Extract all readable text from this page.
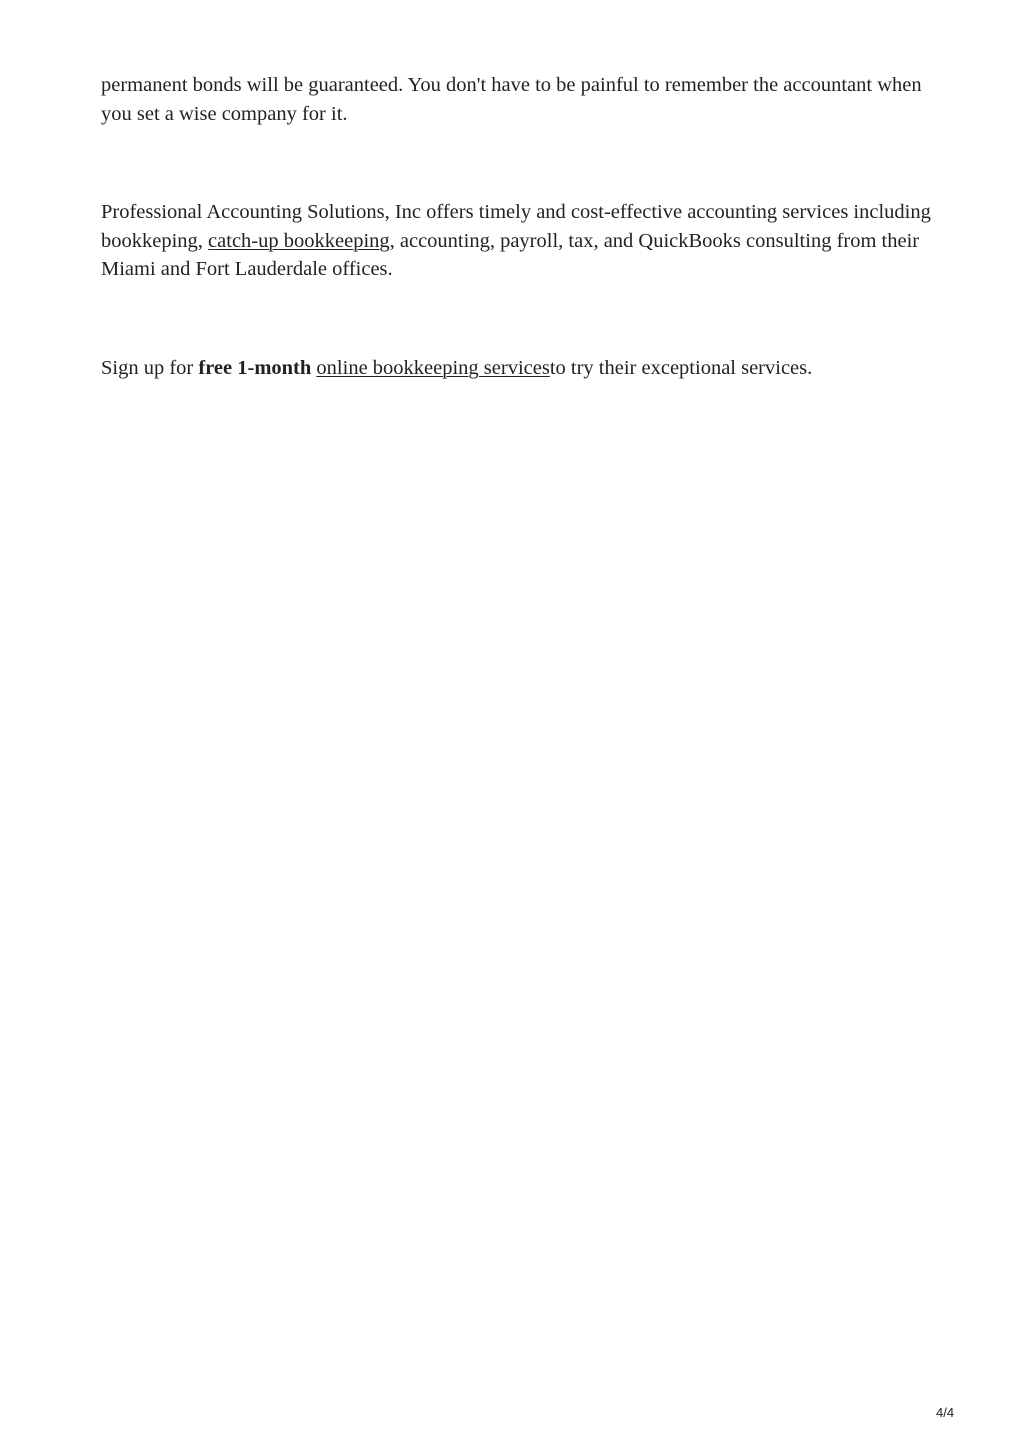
permanent bonds will be guaranteed. You don't have to be painful to remember the accountant when you set a wise company for it.

Professional Accounting Solutions, Inc offers timely and cost-effective accounting services including bookkeping, catch-up bookkeeping, accounting, payroll, tax, and QuickBooks consulting from their Miami and Fort Lauderdale offices.

Sign up for free 1-month online bookkeeping servicesto try their exceptional services.

4/4
